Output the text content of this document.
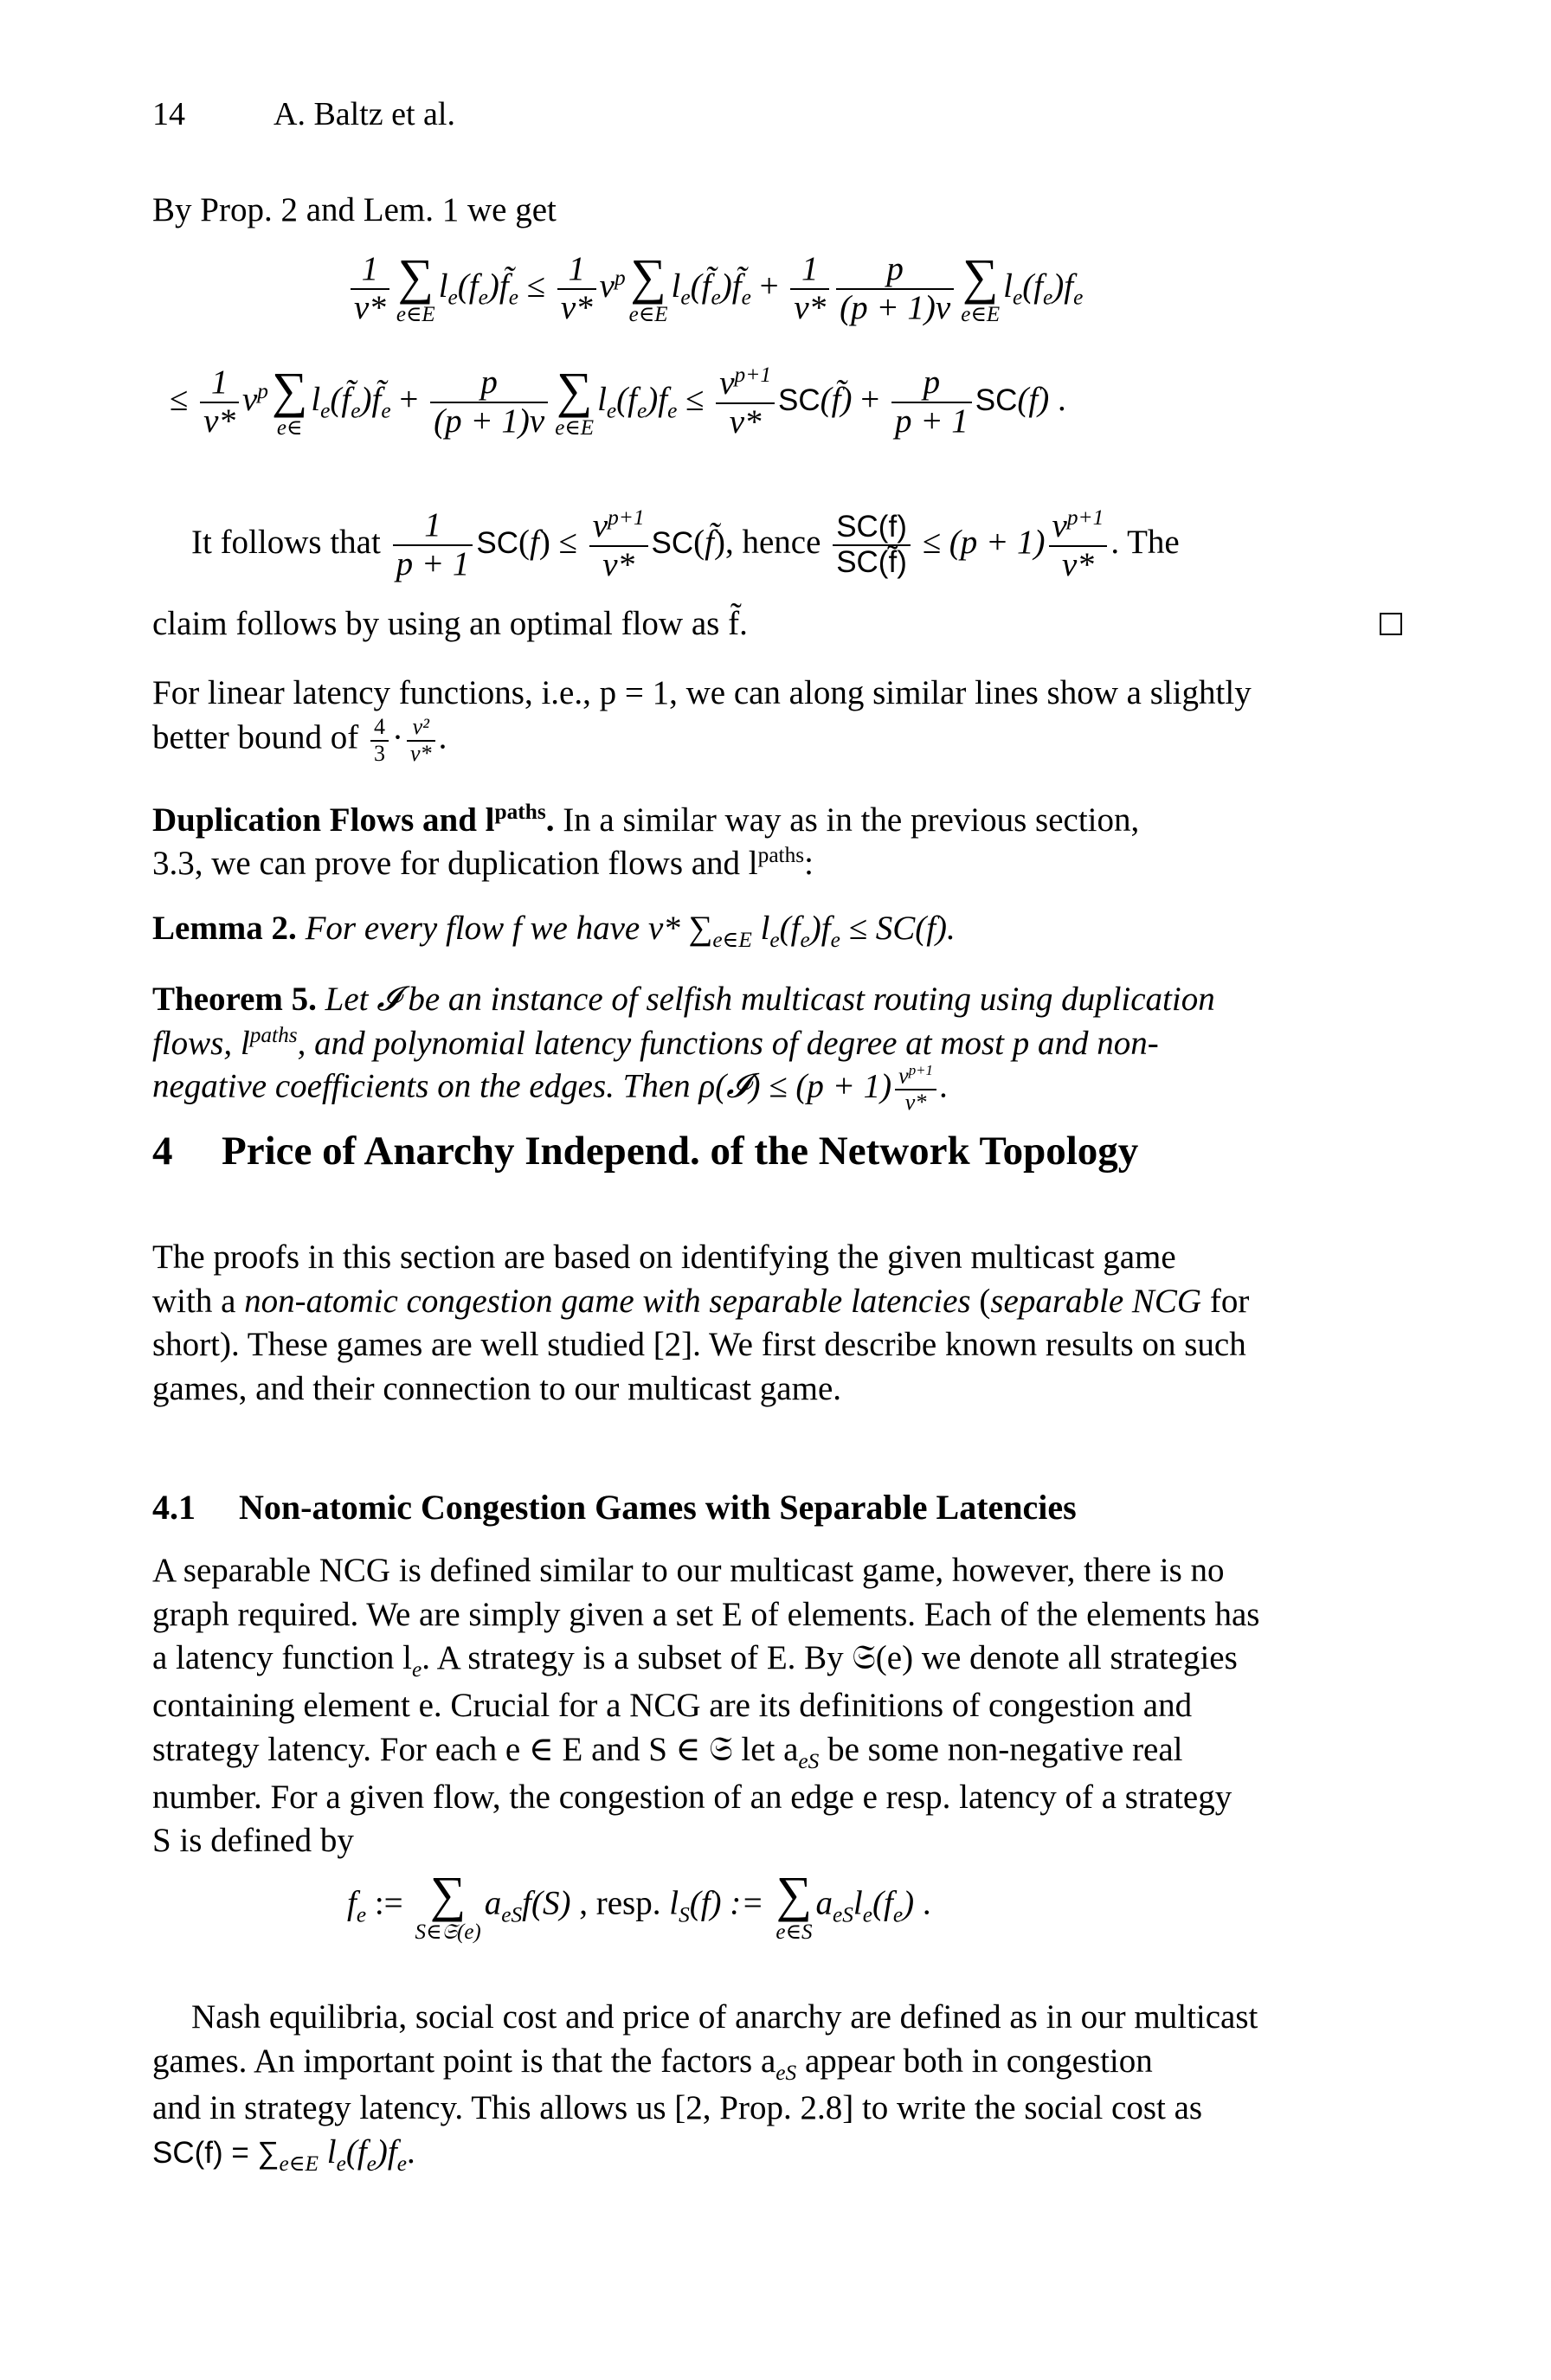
14	A. Baltz et al.

By Prop. 2 and Lem. 1 we get

$\frac{1}{\nu*}$ ∑
e∈E
$l_e(f_e)f̃_e \le \frac{1}{\nu*} \nu^p$ ∑
e∈E
$l_e(f̃_e)f̃_e + \frac{1}{\nu*} \frac{p}{(p + 1)\nu}$ ∑
e∈E
$l_e(f_e)f_e$
≤ $\frac{1}{\nu*} \nu^p$ ∑
e∈
$l_e(f̃_e)f̃_e + \frac{p}{(p + 1)\nu}$ ∑
e∈E
$l_e(f_e)f_e \le \frac{\nu^{p+1}}{\nu*}$ SC(f̃) + $\frac{p}{p + 1} SC(f)$ .
It follows that $\frac{1}{p + 1} SC(f) \le \frac{\nu^{p+1}}{\nu*}$ SC(f̃), hence $\frac{SC(f)}{SC(f̃)} \le (p + 1) \frac{\nu^{p+1}}{\nu*}$ . The

claim follows by using an optimal flow as f̃.

For linear latency functions, i.e., p = 1, we can along similar lines show a slightly

better bound of $\frac{4}{3} \cdot \frac{\text{ν²}}{\nu*}$ .
Duplication Flows and $l^{paths}$. In a similar way as in the previous section,
3.3, we can prove for duplication flows and $l^{paths}$:
Lemma 2. For every flow f we have ν* $\sum_{e\in E}$ $l_e(f_e)f_e \le SC(f)$.
Theorem 5. Let 𝓘 be an instance of selfish multicast routing using duplication
flows, $l^{paths}$, and polynomial latency functions of degree at most p and non-
negative coefficients on the edges. Then ρ(𝓘) ≤ $(p + 1) \frac{\nu^{p+1}}{\nu*}$ .
4 Price of Anarchy Independ. of the Network Topology
The proofs in this section are based on identifying the given multicast game
with a non-atomic congestion game with separable latencies (separable NCG for
short). These games are well studied [2]. We first describe known results on such
games, and their connection to our multicast game.
4.1 Non-atomic Congestion Games with Separable Latencies
A separable NCG is defined similar to our multicast game, however, there is no
graph required. We are simply given a set E of elements. Each of the elements has
a latency function $l_e$. A strategy is a subset of E. By 𝔖(e) we denote all strategies
containing element e. Crucial for a NCG are its definitions of congestion and
strategy latency. For each e ∈ E and S ∈ 𝔖 let $a_{eS}$ be some non-negative real
number. For a given flow, the congestion of an edge e resp. latency of a strategy
S is defined by
$f_e$ := ∑
S∈𝔖(e)
$a_{eS}f(S)$ , resp. $l_S(f)$ := ∑
e∈S
$a_{eS}l_e(f_e)$ .
Nash equilibria, social cost and price of anarchy are defined as in our multicast
games. An important point is that the factors $a_{eS}$ appear both in congestion
and in strategy latency. This allows us [2, Prop. 2.8] to write the social cost as
$SC(f) = \sum_{e\in E}$ $l_e(f_e)f_e$.
